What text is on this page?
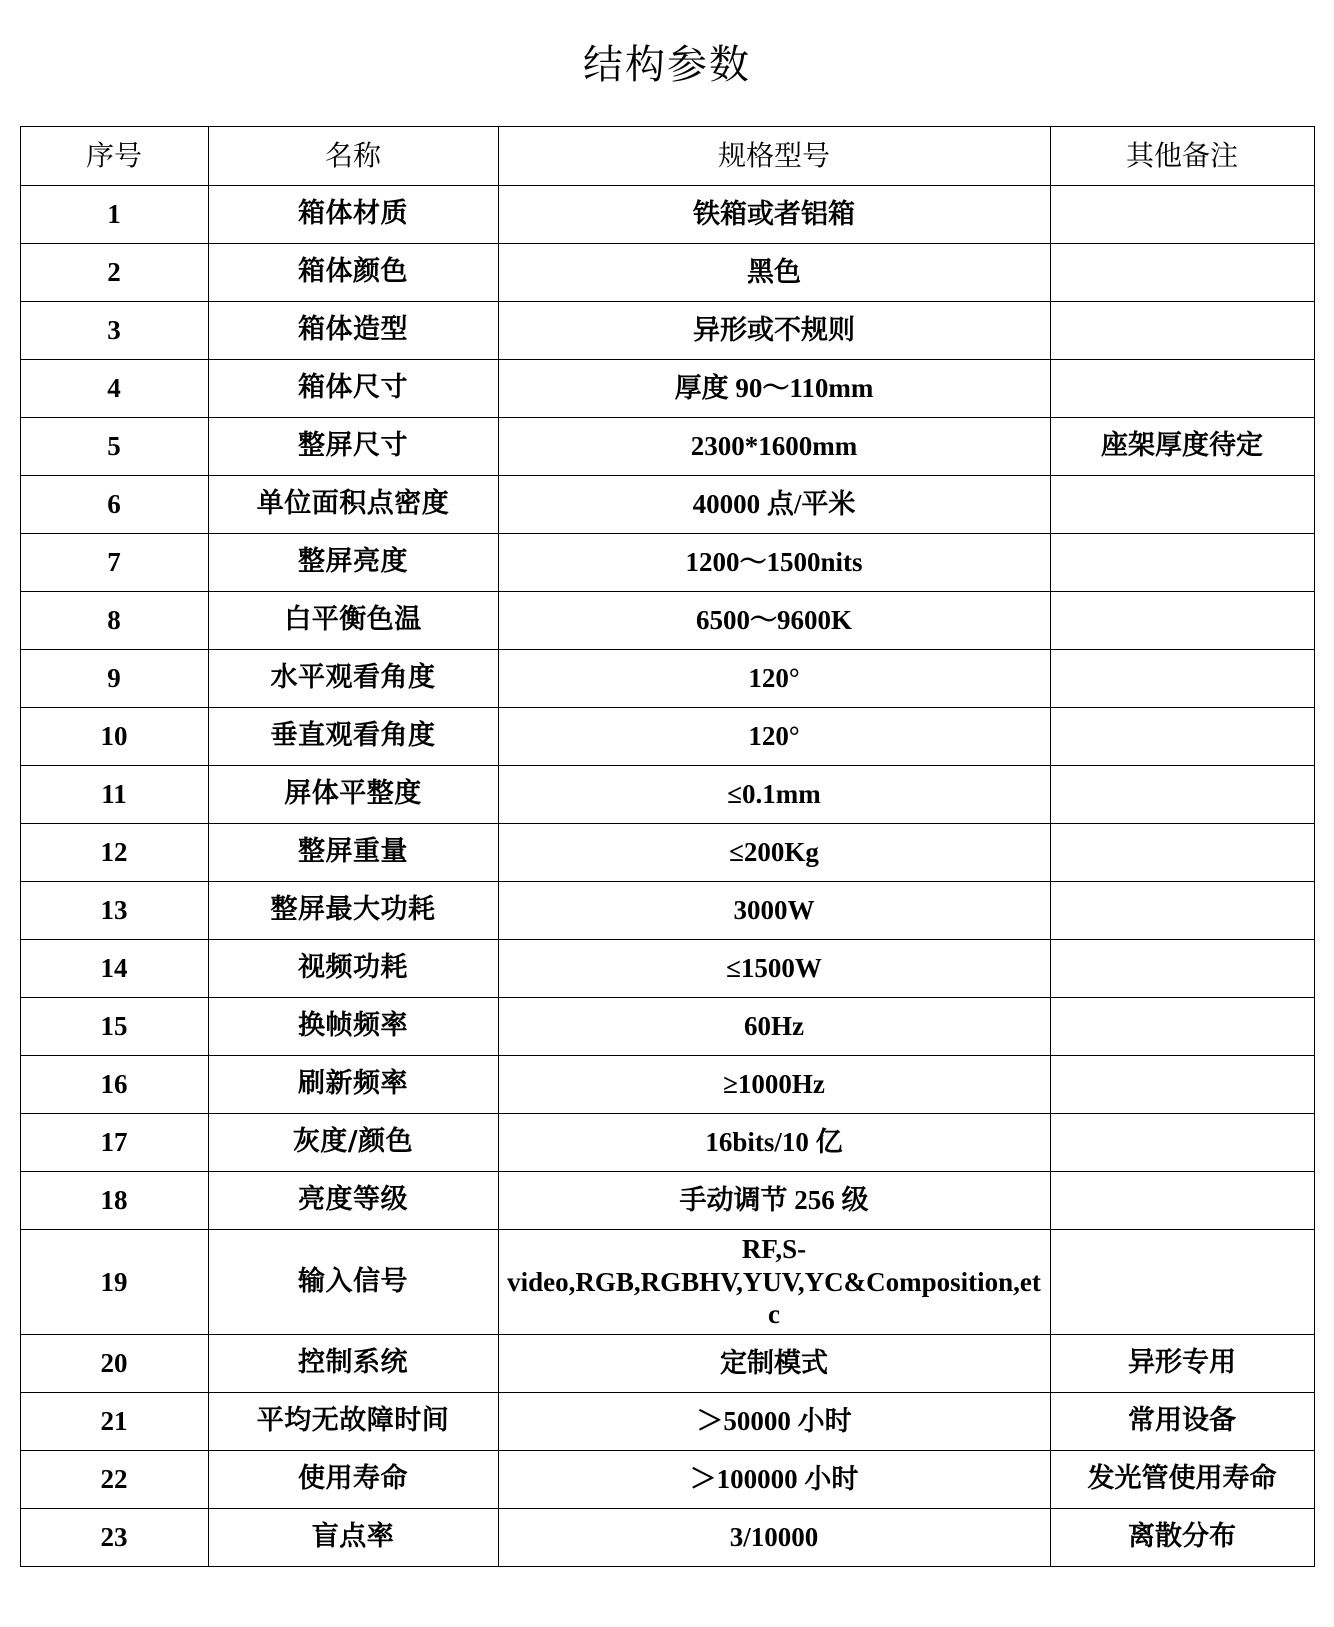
结构参数
序号	名称	规格型号	其他备注
1	箱体材质	铁箱或者铝箱	
2	箱体颜色	黑色	
3	箱体造型	异形或不规则	
4	箱体尺寸	厚度 90～110mm	
5	整屏尺寸	2300*1600mm	座架厚度待定
6	单位面积点密度	40000 点/平米	
7	整屏亮度	1200～1500nits	
8	白平衡色温	6500～9600K	
9	水平观看角度	120°	
10	垂直观看角度	120°	
11	屏体平整度	≤0.1mm	
12	整屏重量	≤200Kg	
13	整屏最大功耗	3000W	
14	视频功耗	≤1500W	
15	换帧频率	60Hz	
16	刷新频率	≥1000Hz	
17	灰度/颜色	16bits/10 亿	
18	亮度等级	手动调节 256 级	
19	输入信号	RF,S-video,RGB,RGBHV,YUV,YC&Composition,etc	
20	控制系统	定制模式	异形专用
21	平均无故障时间	＞50000 小时	常用设备
22	使用寿命	＞100000 小时	发光管使用寿命
23	盲点率	3/10000	离散分布
